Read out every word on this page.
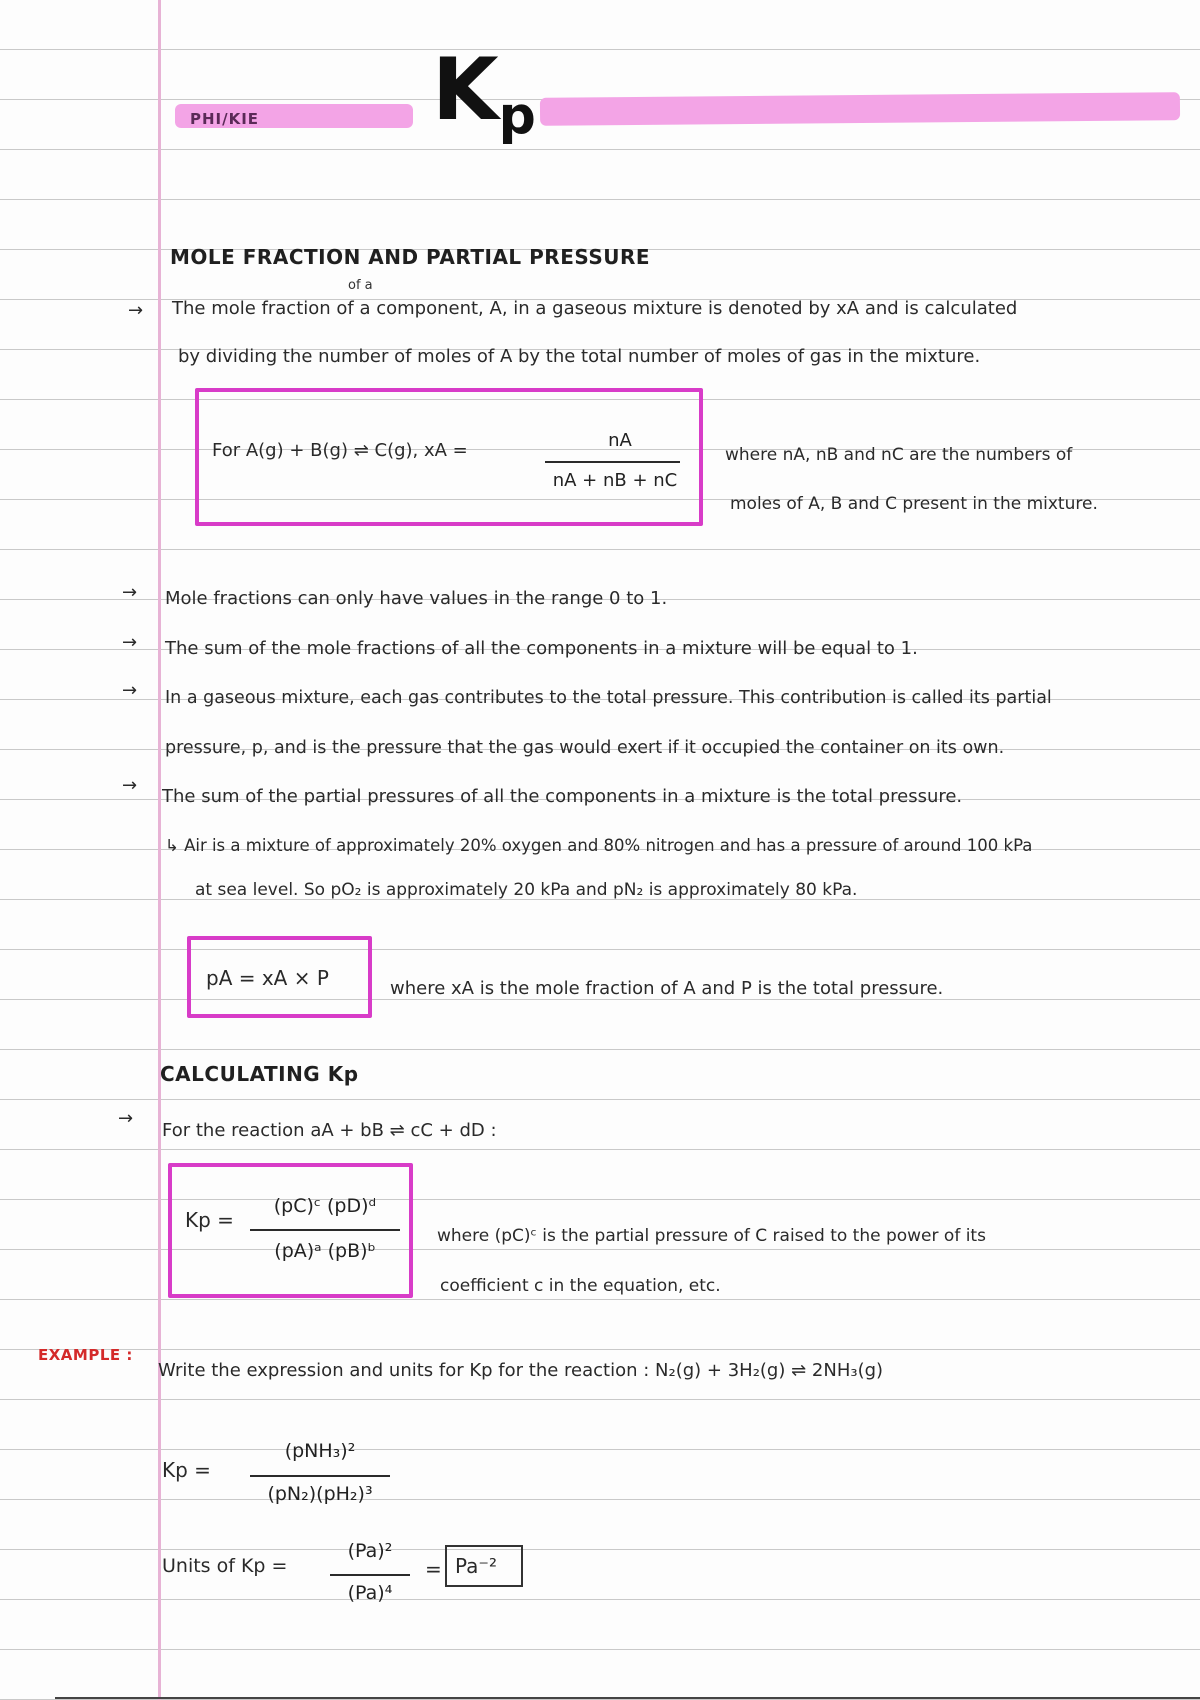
PHI/KIE $K_p$
MOLE FRACTION AND PARTIAL PRESSURE
of a
→ The mole fraction of a component, A, in a gaseous mixture is denoted by xA and is calculated
by dividing the number of moles of A by the total number of moles of gas in the mixture.
For A(g) + B(g) ⇌ C(g), xA =	nA
nA + nB + nC
where nA, nB and nC are the numbers of
moles of A, B and C present in the mixture.
→ Mole fractions can only have values in the range 0 to 1.
→ The sum of the mole fractions of all the components in a mixture will be equal to 1.
→ In a gaseous mixture, each gas contributes to the total pressure. This contribution is called its partial
pressure, p, and is the pressure that the gas would exert if it occupied the container on its own.
→
The sum of the partial pressures of all the components in a mixture is the total pressure.
↳ Air is a mixture of approximately 20% oxygen and 80% nitrogen and has a pressure of around 100 kPa
at sea level. So pO₂ is approximately 20 kPa and pN₂ is approximately 80 kPa.
pA = xA × P	where xA is the mole fraction of A and P is the total pressure.
CALCULATING Kp
→
For the reaction aA + bB ⇌ cC + dD :
Kp =
(pC)ᶜ (pD)ᵈ
(pA)ᵃ (pB)ᵇ
where (pC)ᶜ is the partial pressure of C raised to the power of its
coefficient c in the equation, etc.
EXAMPLE :
Write the expression and units for Kp for the reaction : N₂(g) + 3H₂(g) ⇌ 2NH₃(g)
Kp =
(pNH₃)²
(pN₂)(pH₂)³
Units of Kp =
(Pa)²
(Pa)⁴
= Pa⁻²
